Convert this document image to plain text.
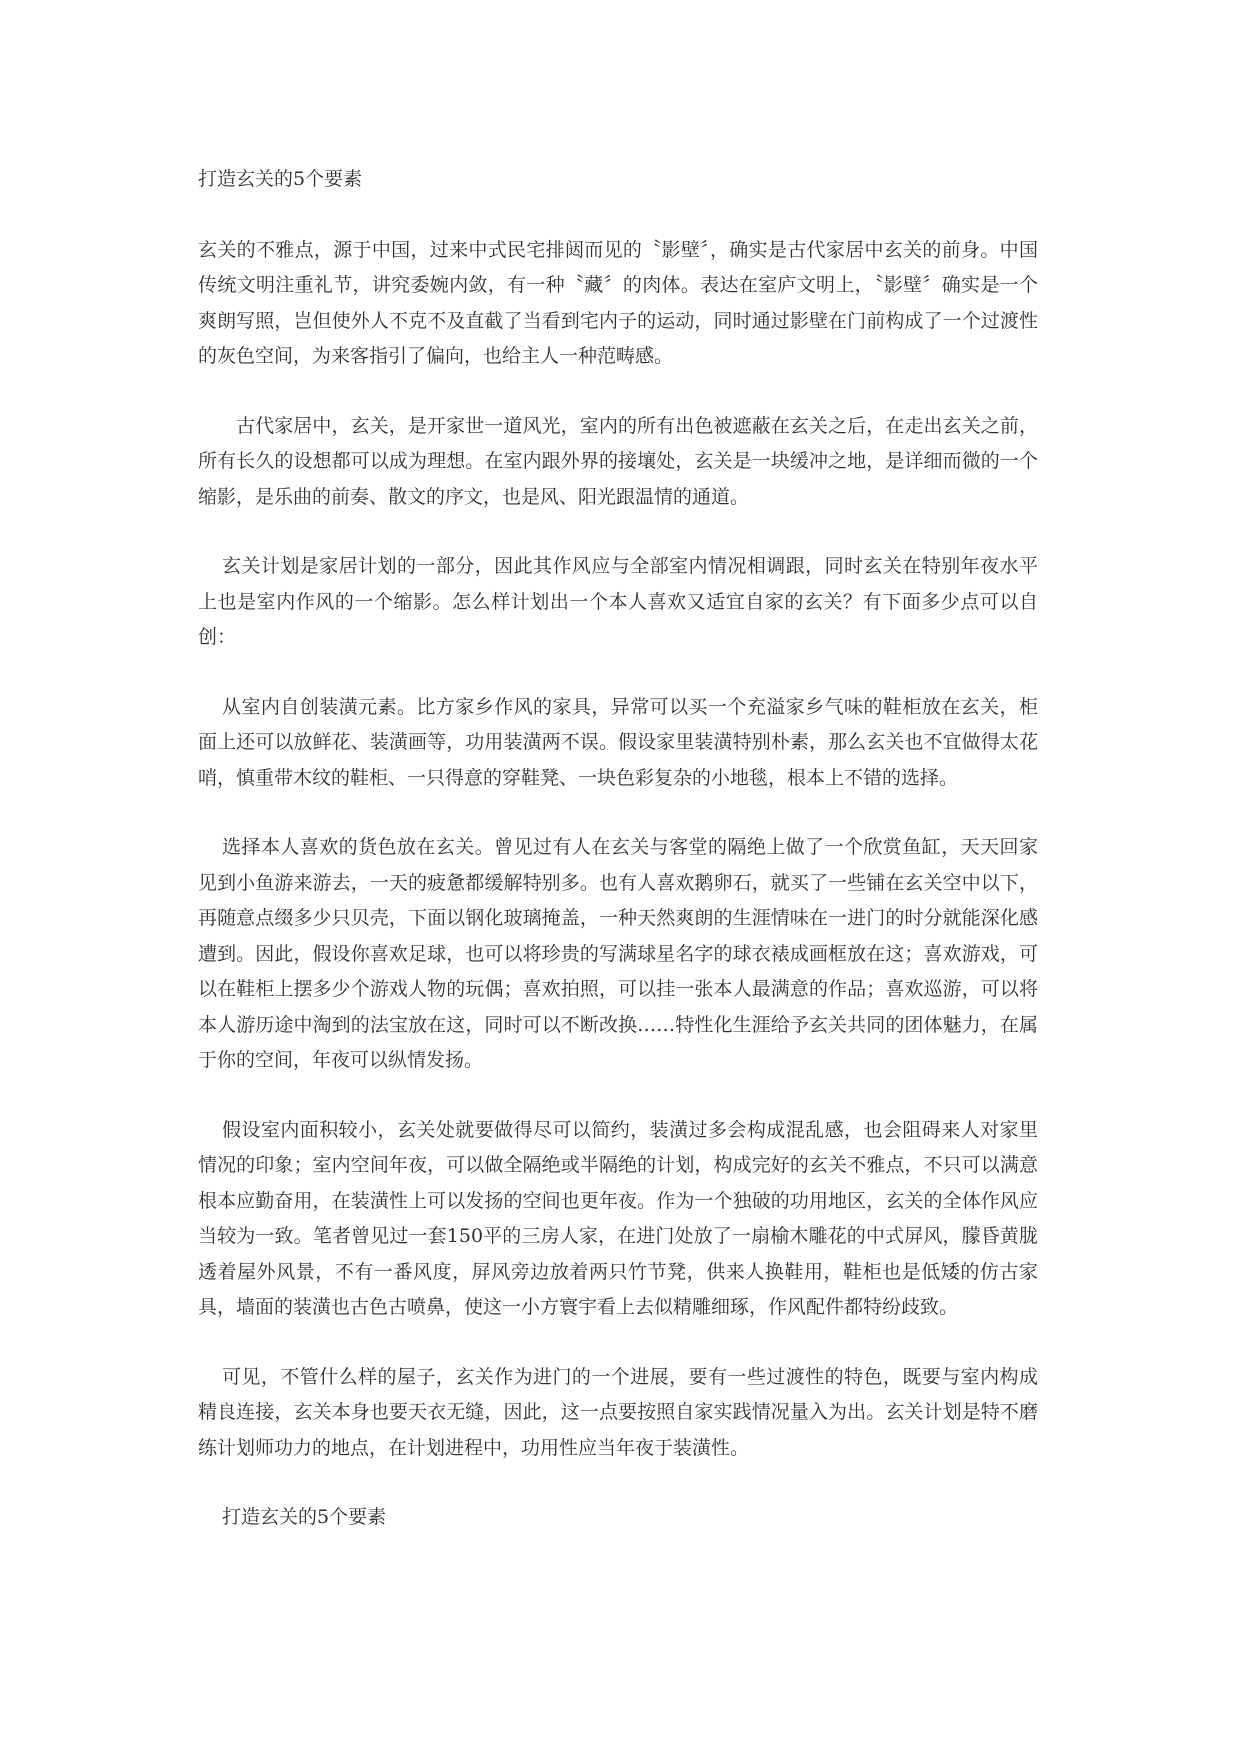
打造玄关的5个要素

玄关的不雅点，源于中国，过来中式民宅排闼而见的〝影壁〞，确实是古代家居中玄关的前身。中国传统文明注重礼节，讲究委婉内敛，有一种〝藏〞的肉体。表达在室庐文明上，〝影壁〞确实是一个爽朗写照，岂但使外人不克不及直截了当看到宅内子的运动，同时通过影壁在门前构成了一个过渡性的灰色空间，为来客指引了偏向，也给主人一种范畴感。

古代家居中，玄关，是开家世一道风光，室内的所有出色被遮蔽在玄关之后，在走出玄关之前，所有长久的设想都可以成为理想。在室内跟外界的接壤处，玄关是一块缓冲之地，是详细而微的一个缩影，是乐曲的前奏、散文的序文，也是风、阳光跟温情的通道。

玄关计划是家居计划的一部分，因此其作风应与全部室内情况相调跟，同时玄关在特别年夜水平上也是室内作风的一个缩影。怎么样计划出一个本人喜欢又适宜自家的玄关？有下面多少点可以自创：

从室内自创装潢元素。比方家乡作风的家具，异常可以买一个充溢家乡气味的鞋柜放在玄关，柜面上还可以放鲜花、装潢画等，功用装潢两不误。假设家里装潢特别朴素，那么玄关也不宜做得太花哨，慎重带木纹的鞋柜、一只得意的穿鞋凳、一块色彩复杂的小地毯，根本上不错的选择。

选择本人喜欢的货色放在玄关。曾见过有人在玄关与客堂的隔绝上做了一个欣赏鱼缸，天天回家见到小鱼游来游去，一天的疲惫都缓解特别多。也有人喜欢鹅卵石，就买了一些铺在玄关空中以下，再随意点缀多少只贝壳，下面以钢化玻璃掩盖，一种天然爽朗的生涯情味在一进门的时分就能深化感遭到。因此，假设你喜欢足球，也可以将珍贵的写满球星名字的球衣裱成画框放在这；喜欢游戏，可以在鞋柜上摆多少个游戏人物的玩偶；喜欢拍照，可以挂一张本人最满意的作品；喜欢巡游，可以将本人游历途中淘到的法宝放在这，同时可以不断改换……特性化生涯给予玄关共同的团体魅力，在属于你的空间，年夜可以纵情发扬。

假设室内面积较小，玄关处就要做得尽可以简约，装潢过多会构成混乱感，也会阻碍来人对家里情况的印象；室内空间年夜，可以做全隔绝或半隔绝的计划，构成完好的玄关不雅点，不只可以满意根本应勤奋用，在装潢性上可以发扬的空间也更年夜。作为一个独破的功用地区，玄关的全体作风应当较为一致。笔者曾见过一套150平的三房人家，在进门处放了一扇榆木雕花的中式屏风，朦昏黄胧透着屋外风景，不有一番风度，屏风旁边放着两只竹节凳，供来人换鞋用，鞋柜也是低矮的仿古家具，墙面的装潢也古色古喷鼻，使这一小方寰宇看上去似精雕细琢，作风配件都特纷歧致。

可见，不管什么样的屋子，玄关作为进门的一个进展，要有一些过渡性的特色，既要与室内构成精良连接，玄关本身也要天衣无缝，因此，这一点要按照自家实践情况量入为出。玄关计划是特不磨练计划师功力的地点，在计划进程中，功用性应当年夜于装潢性。

打造玄关的5个要素
